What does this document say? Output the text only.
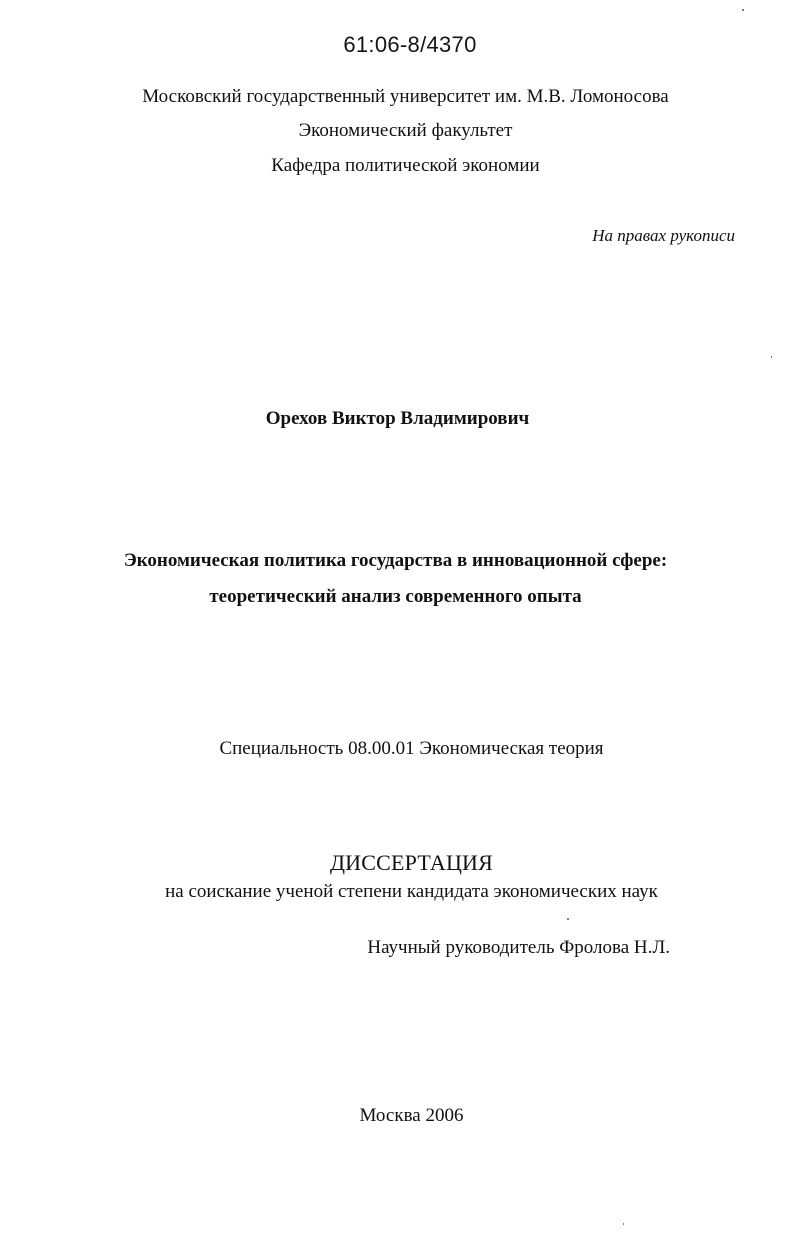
61:06-8/4370
Московский государственный университет им. М.В. Ломоносова
Экономический факультет
Кафедра политической экономии
На правах рукописи
Орехов Виктор Владимирович
Экономическая политика государства в инновационной сфере:
теоретический анализ современного опыта
Специальность 08.00.01 Экономическая теория
ДИССЕРТАЦИЯ
на соискание ученой степени кандидата экономических наук
Научный руководитель Фролова Н.Л.
Москва 2006
